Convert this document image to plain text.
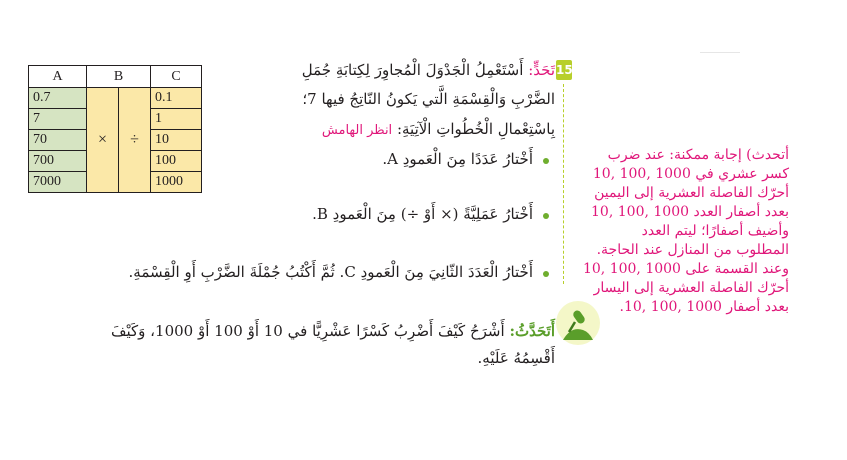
A	B		C
0.7	×	÷	0.1
7			1
70			10
700			100
7000			1000
15
تَحَدٍّ: أَسْتَعْمِلُ الْجَدْوَلَ الْمُجاوِرَ لِكِتابَةِ جُمَلِ
الضَّرْبِ وَالْقِسْمَةِ الَّتي يَكونُ النّاتِجُ فيها 7؛
بِاسْتِعْمالِ الْخُطُواتِ الْآتِيَةِ: انظر الهامش
أَخْتارُ عَدَدًا مِنَ الْعَمودِ A.
أَخْتارُ عَمَلِيَّةً (× أَوْ ÷) مِنَ الْعَمودِ B.
أَخْتارُ الْعَدَدَ الثّانِيَ مِنَ الْعَمودِ C. ثُمَّ أَكْتُبُ جُمْلَةَ الضَّرْبِ أَوِ الْقِسْمَةِ.
أَتَحَدَّثُ: أَشْرَحُ كَيْفَ أَضْرِبُ كَسْرًا عَشْرِيًّا في 10 أَوْ 100 أَوْ 1000، وَكَيْفَ
أَقْسِمُهُ عَلَيْهِ.
أتحدث) إجابة ممكنة: عند ضرب
كسر عشري في 1000 ,100 ,10
أحرّك الفاصلة العشرية إلى اليمين
بعدد أصفار العدد 1000 ,100 ,10
وأضيف أصفارًا؛ ليتم العدد
المطلوب من المنازل عند الحاجة.
وعند القسمة على 1000 ,100 ,10
أحرّك الفاصلة العشرية إلى اليسار
بعدد أصفار 1000 ,100 ,10.
